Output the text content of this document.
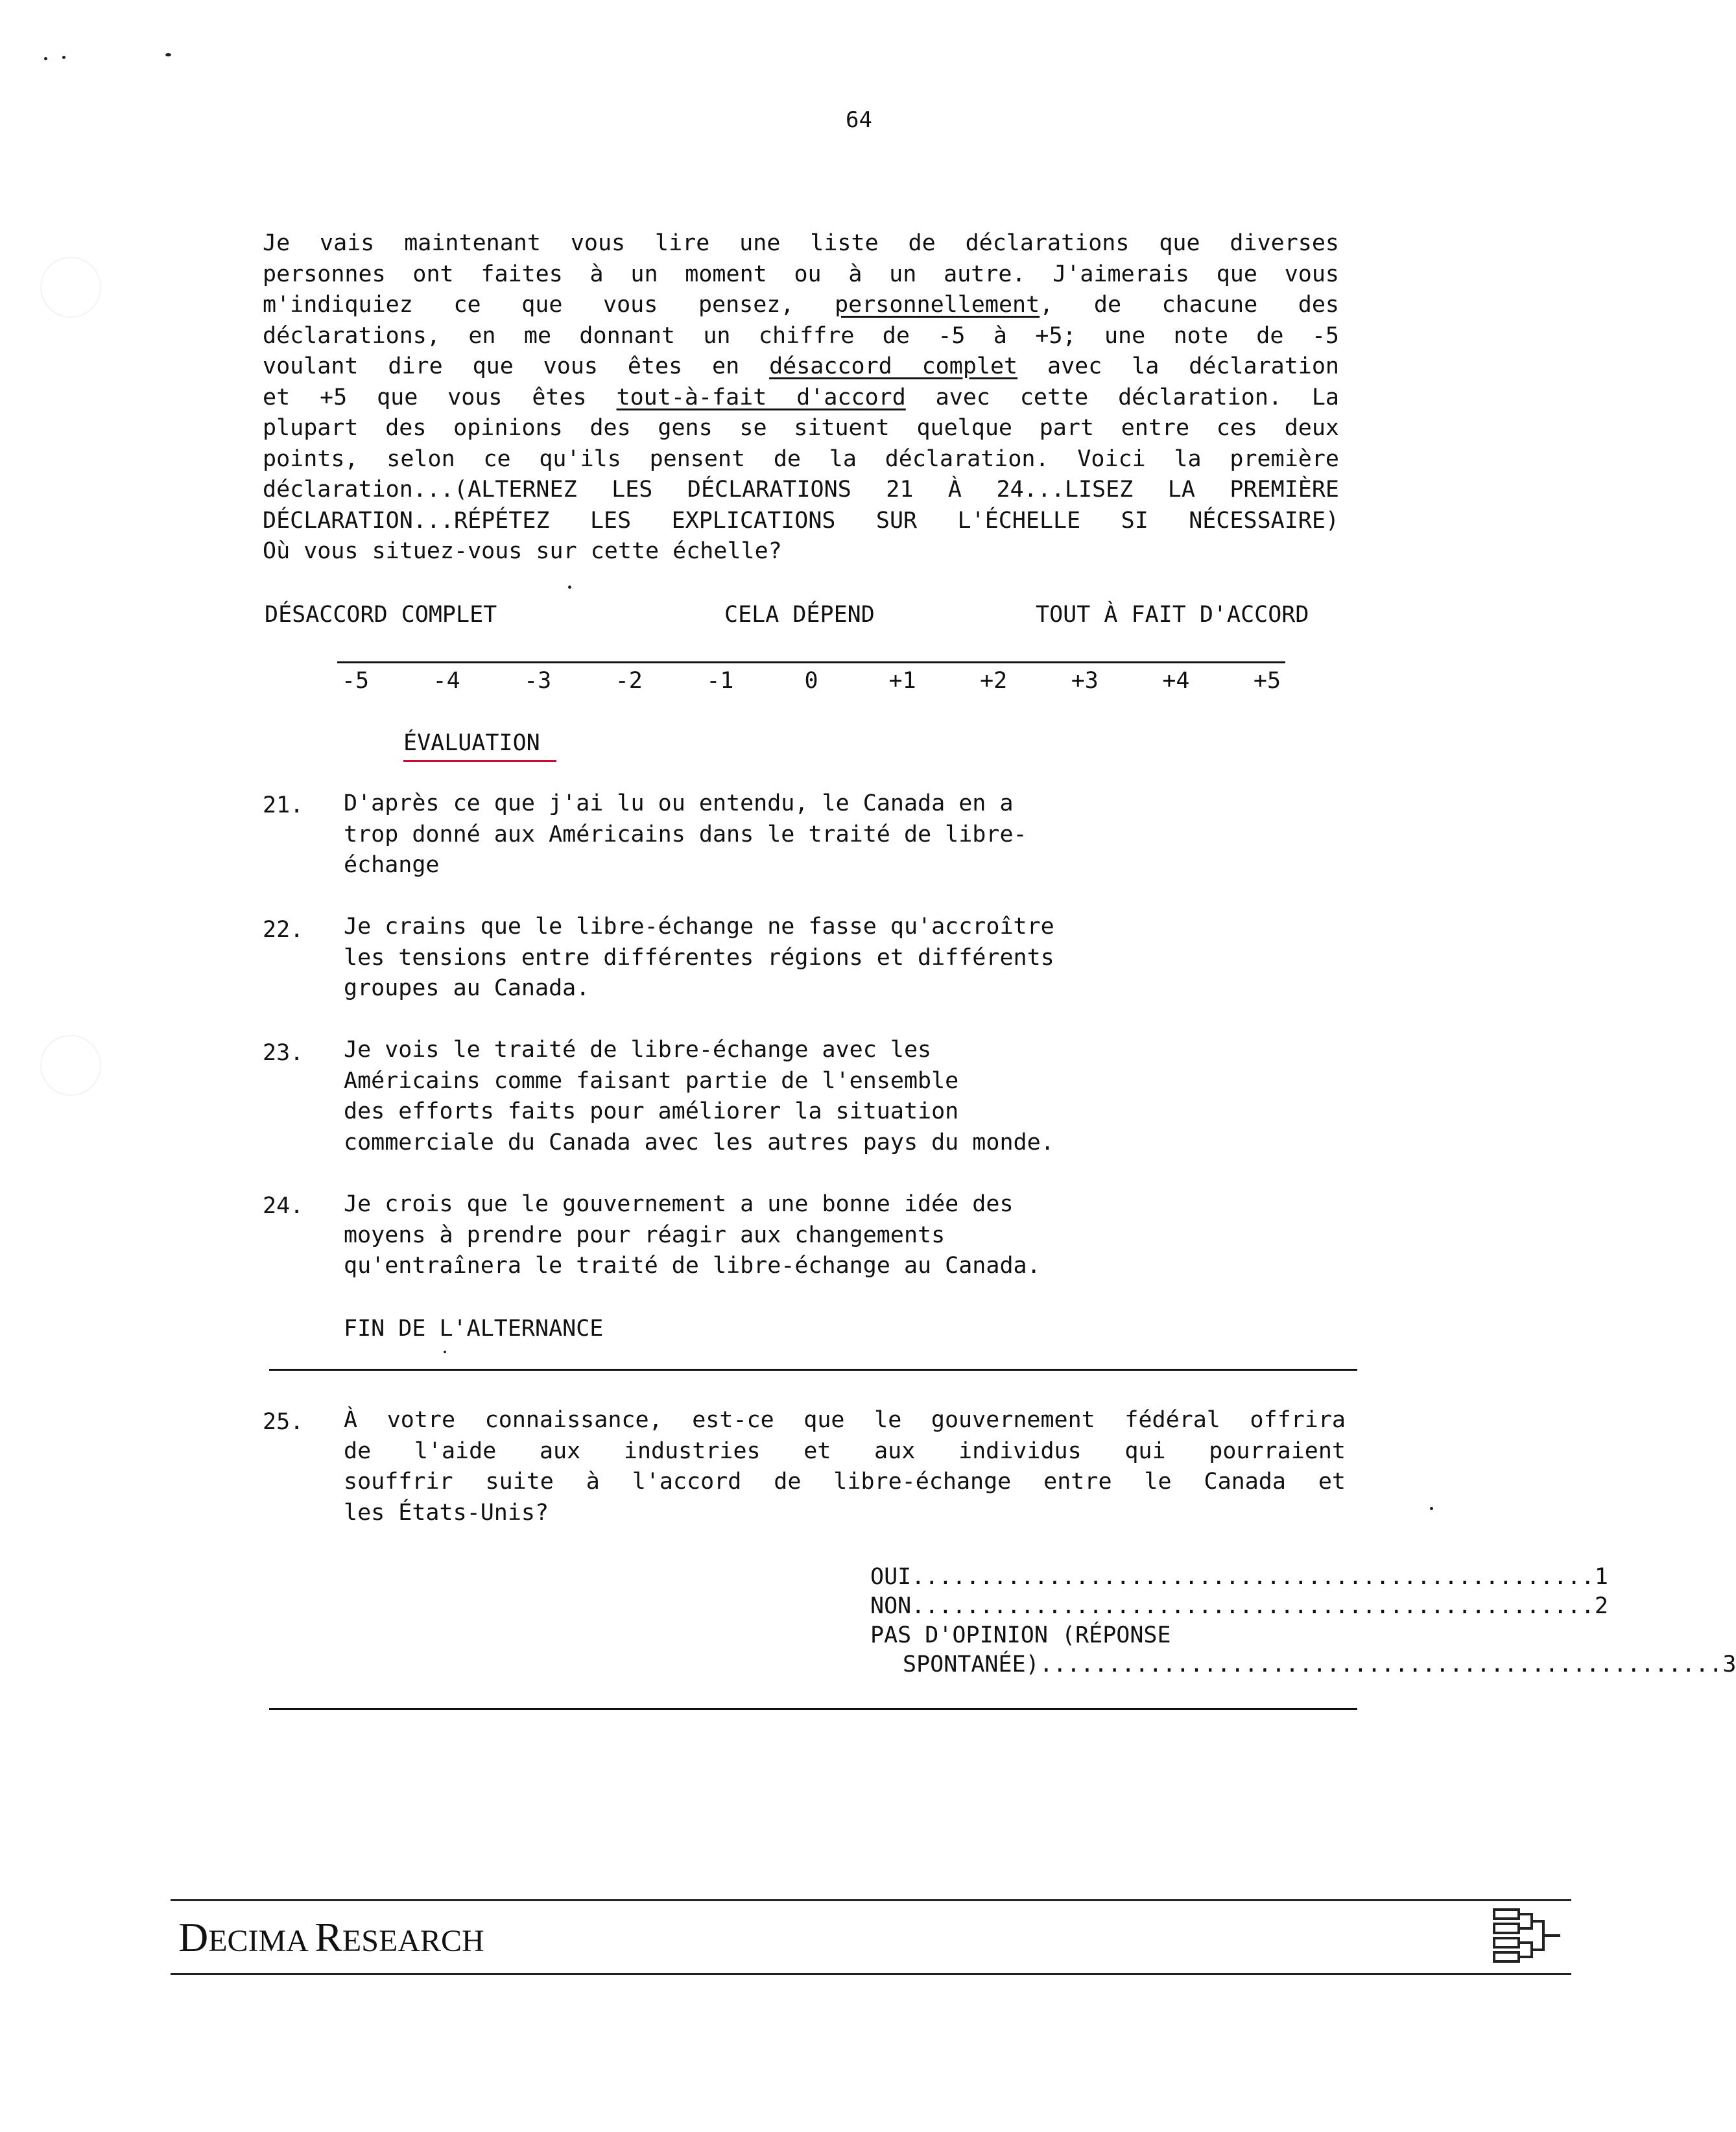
64
Je vais maintenant vous lire une liste de déclarations que diverses
personnes ont faites à un moment ou à un autre. J'aimerais que vous
m'indiquiez ce que vous pensez, personnellement, de chacune des
déclarations, en me donnant un chiffre de -5 à +5; une note de -5
voulant dire que vous êtes en désaccord complet avec la déclaration
et +5 que vous êtes tout-à-fait d'accord avec cette déclaration. La
plupart des opinions des gens se situent quelque part entre ces deux
points, selon ce qu'ils pensent de la déclaration. Voici la première
déclaration...(ALTERNEZ LES DÉCLARATIONS 21 À 24...LISEZ LA PREMIÈRE
DÉCLARATION...RÉPÉTEZ LES EXPLICATIONS SUR L'ÉCHELLE SI NÉCESSAIRE)
Où vous situez-vous sur cette échelle?
DÉSACCORD COMPLET	CELA DÉPEND	TOUT À FAIT D'ACCORD
-5	-4	-3	-2	-1	0	+1	+2	+3	+4	+5
ÉVALUATION
21. D'après ce que j'ai lu ou entendu, le Canada en a
trop donné aux Américains dans le traité de libre-
échange
22. Je crains que le libre-échange ne fasse qu'accroître
les tensions entre différentes régions et différents
groupes au Canada.
23. Je vois le traité de libre-échange avec les
Américains comme faisant partie de l'ensemble
des efforts faits pour améliorer la situation
commerciale du Canada avec les autres pays du monde.
24. Je crois que le gouvernement a une bonne idée des
moyens à prendre pour réagir aux changements
qu'entraînera le traité de libre-échange au Canada.
FIN DE L'ALTERNANCE
25. À votre connaissance, est-ce que le gouvernement fédéral offrira
de l'aide aux industries et aux individus qui pourraient
souffrir suite à l'accord de libre-échange entre le Canada et
les États-Unis?
OUI .................................................. 1
NON .................................................. 2
PAS D'OPINION (RÉPONSE
SPONTANÉE) .................................................. 3
DECIMA RESEARCH
